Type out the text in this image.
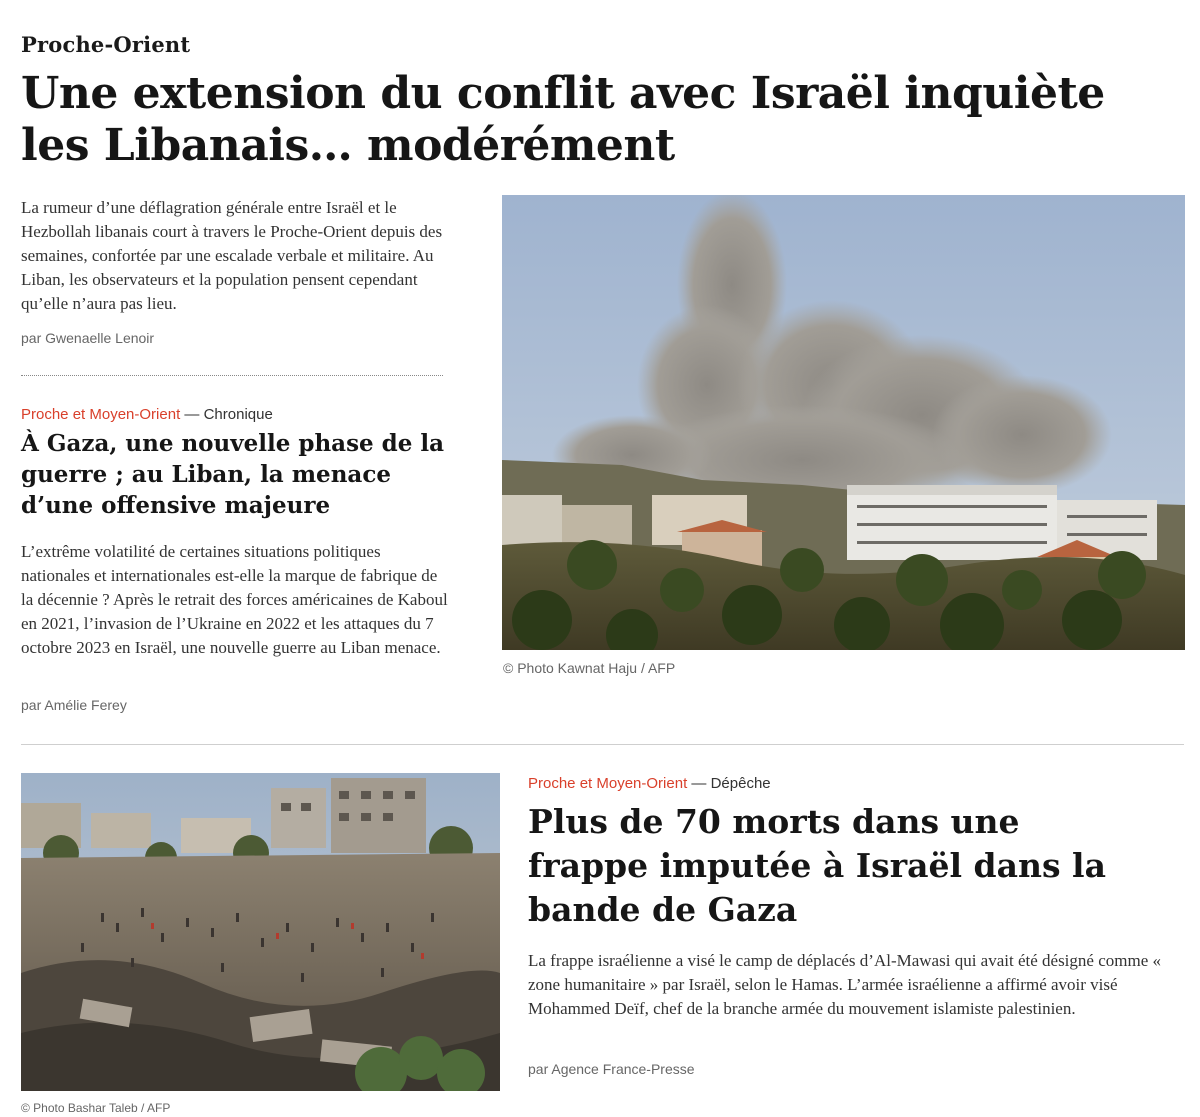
Proche-Orient
Une extension du conflit avec Israël inquiète les Libanais… modérément

La rumeur d’une déflagration générale entre Israël et le Hezbollah libanais court à travers le Proche-Orient depuis des semaines, confortée par une escalade verbale et militaire. Au Liban, les observateurs et la population pensent cependant qu’elle n’aura pas lieu.

par Gwenaelle Lenoir
© Photo Kawnat Haju / AFP
Proche et Moyen-Orient — Chronique
À Gaza, une nouvelle phase de la guerre ; au Liban, la menace d’une offensive majeure

L’extrême volatilité de certaines situations politiques nationales et internationales est-elle la marque de fabrique de la décennie ? Après le retrait des forces américaines de Kaboul en 2021, l’invasion de l’Ukraine en 2022 et les attaques du 7 octobre 2023 en Israël, une nouvelle guerre au Liban menace.

par Amélie Ferey
© Photo Bashar Taleb / AFP
Proche et Moyen-Orient — Dépêche
Plus de 70 morts dans une frappe imputée à Israël dans la bande de Gaza

La frappe israélienne a visé le camp de déplacés d’Al-Mawasi qui avait été désigné comme « zone humanitaire » par Israël, selon le Hamas. L’armée israélienne a affirmé avoir visé Mohammed Deïf, chef de la branche armée du mouvement islamiste palestinien.

par Agence France-Presse
